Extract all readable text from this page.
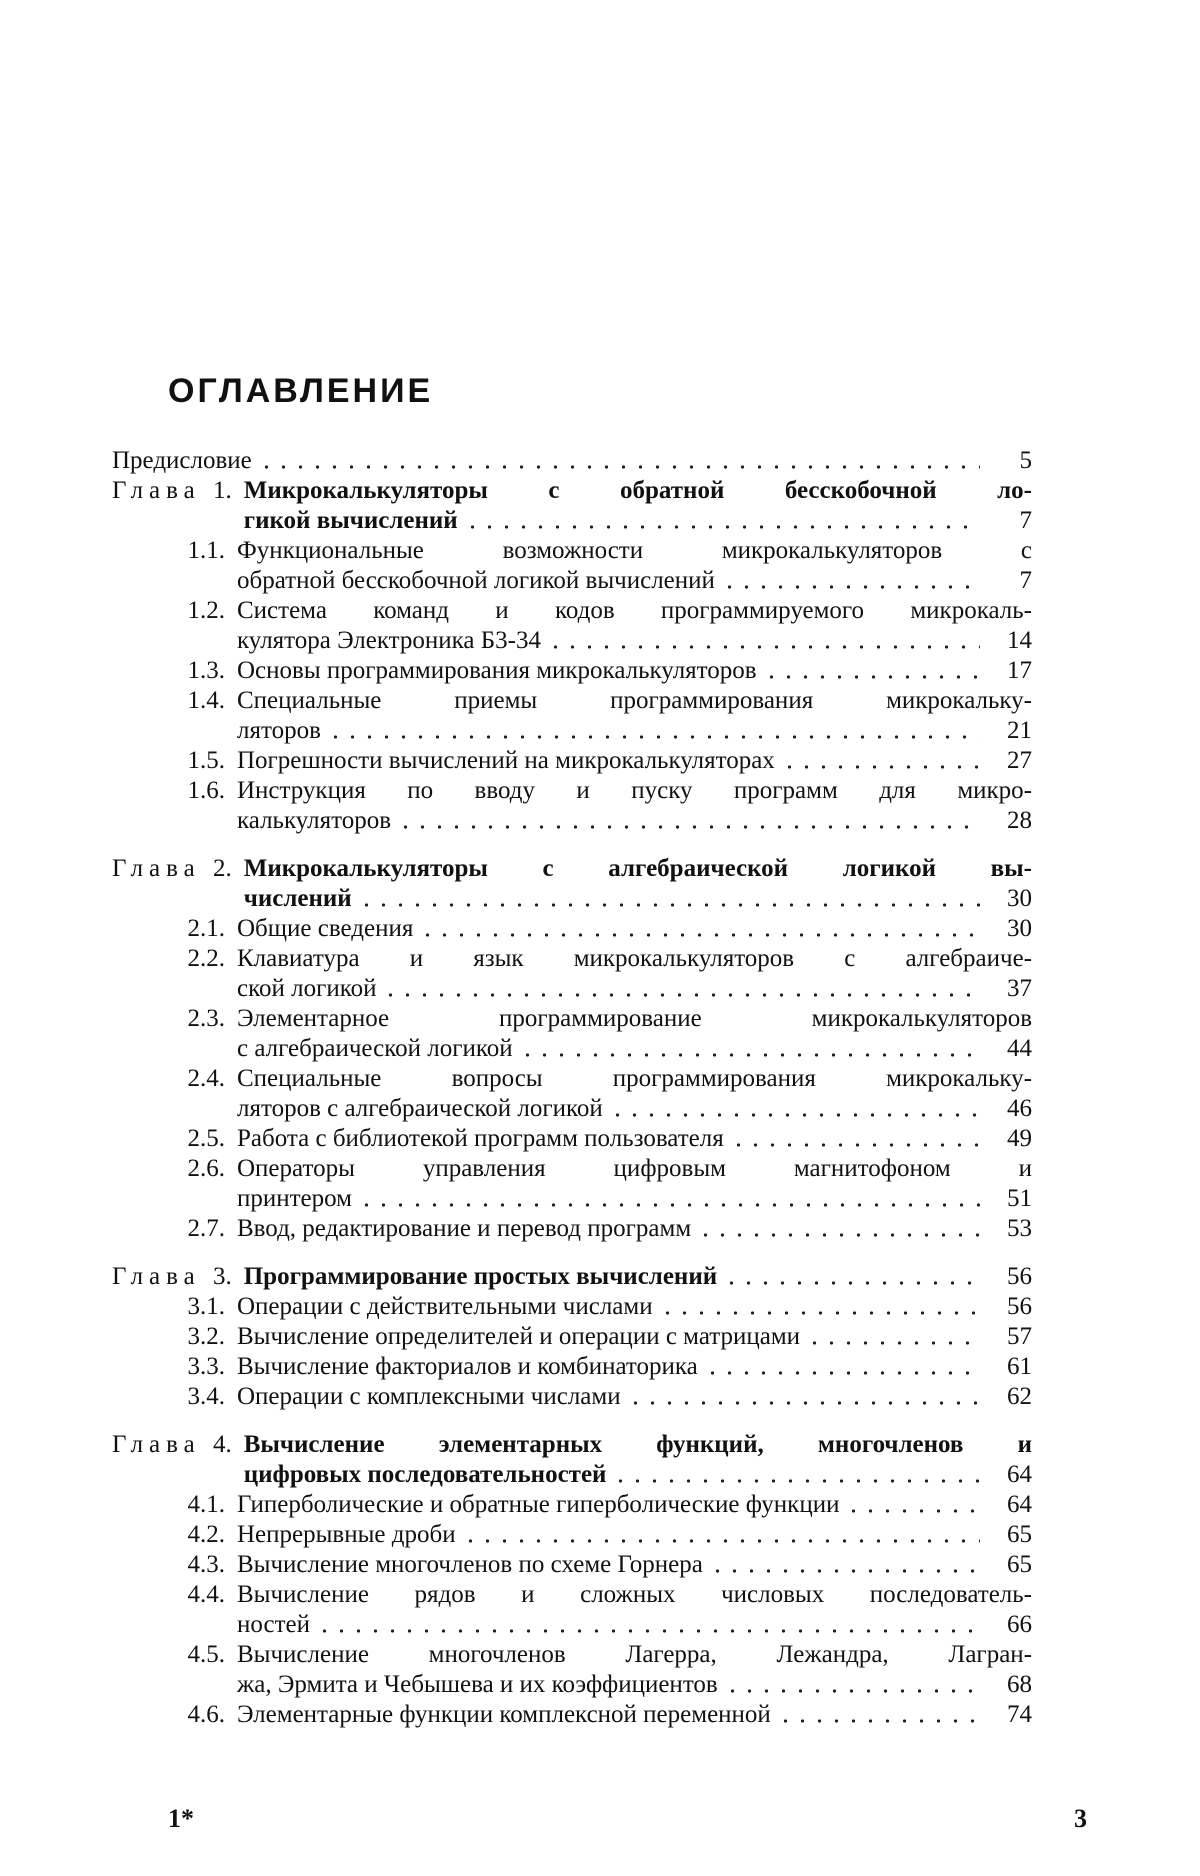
ОГЛАВЛЕНИЕ
Предисловие	5
Глава 1. Микрокалькуляторы с обратной бесскобочной ло-
гикой вычислений	7
1.1. Функциональные возможности микрокалькуляторов с
обратной бесскобочной логикой вычислений	7
1.2. Система команд и кодов программируемого микрокаль-
кулятора Электроника Б3-34	14
1.3. Основы программирования микрокалькуляторов	17
1.4. Специальные приемы программирования микрокальку-
ляторов	21
1.5. Погрешности вычислений на микрокалькуляторах	27
1.6. Инструкция по вводу и пуску программ для микро-
калькуляторов	28
Глава 2. Микрокалькуляторы с алгебраической логикой вы-
числений	30
2.1. Общие сведения	30
2.2. Клавиатура и язык микрокалькуляторов с алгебраиче-
ской логикой	37
2.3. Элементарное программирование микрокалькуляторов
с алгебраической логикой	44
2.4. Специальные вопросы программирования микрокальку-
ляторов с алгебраической логикой	46
2.5. Работа с библиотекой программ пользователя	49
2.6. Операторы управления цифровым магнитофоном и
принтером	51
2.7. Ввод, редактирование и перевод программ	53
Глава 3. Программирование простых вычислений	56
3.1. Операции с действительными числами	56
3.2. Вычисление определителей и операции с матрицами	57
3.3. Вычисление факториалов и комбинаторика	61
3.4. Операции с комплексными числами	62
Глава 4. Вычисление элементарных функций, многочленов и
цифровых последовательностей	64
4.1. Гиперболические и обратные гиперболические функции	64
4.2. Непрерывные дроби	65
4.3. Вычисление многочленов по схеме Горнера	65
4.4. Вычисление рядов и сложных числовых последователь-
ностей	66
4.5. Вычисление многочленов Лагерра, Лежандра, Лагран-
жа, Эрмита и Чебышева и их коэффициентов	68
4.6. Элементарные функции комплексной переменной	74
1*	3
